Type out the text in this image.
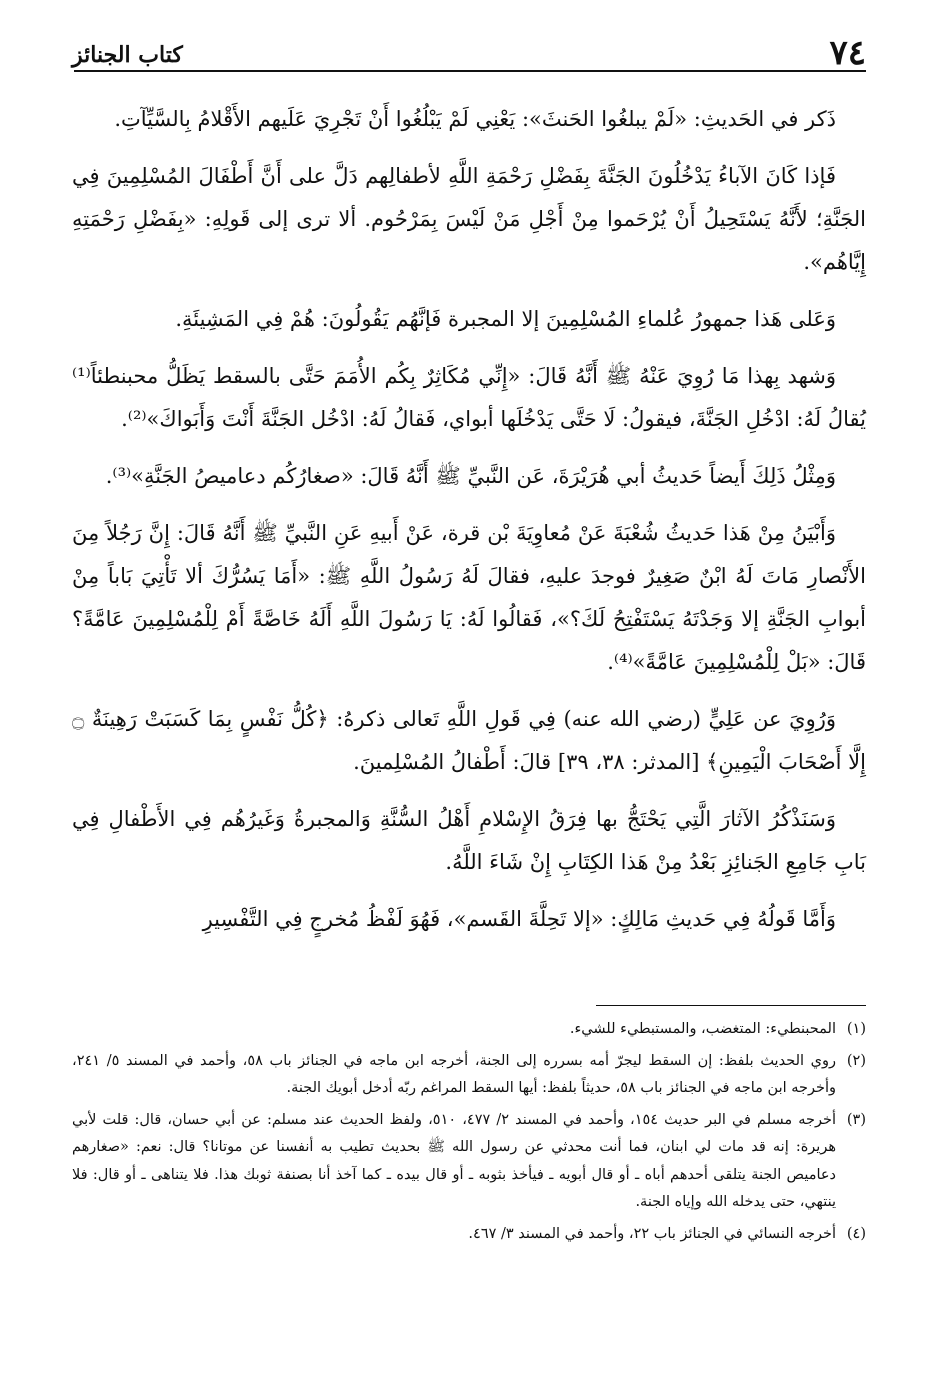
٧٤
كتاب الجنائز

ذَكر في الحَديثِ: «لَمْ يبلغُوا الحَنثَ»: يَعْنِي لَمْ يَبْلُغُوا أَنْ تَجْرِيَ عَلَيهم الأَقْلامُ بِالسَّيِّآتِ.

فَإذا كَانَ الآباءُ يَدْخُلُونَ الجَنَّةَ بِفَضْلِ رَحْمَةِ اللَّهِ لأطفالِهم دَلَّ على أَنَّ أَطْفَالَ المُسْلِمِينَ فِي الجَنَّةِ؛ لأَنَّهُ يَسْتَحِيلُ أَنْ يُرْحَموا مِنْ أَجْلِ مَنْ لَيْسَ بِمَرْحُوم. ألا ترى إلى قَولِهِ: «بِفَضْلِ رَحْمَتِهِ إِيَّاهُم».

وَعَلى هَذا جمهورُ عُلماءِ المُسْلِمِينَ إلا المجبرة فَإنَّهُم يَقُولُونَ: هُمْ فِي المَشِيئَةِ.

وَشهد بِهذا مَا رُوِيَ عَنْهُ ﷺ أَنَّهُ قَالَ: «إِنِّي مُكَاثِرٌ بِكُم الأُمَمَ حَتَّى بالسقط يَظَلُّ محبنطئاً⁽¹⁾ يُقالُ لَهُ: ادْخُلِ الجَنَّةَ، فيقولُ: لَا حَتَّى يَدْخُلَها أبواي، فَقالُ لَهُ: ادْخُل الجَنَّةَ أَنْتَ وَأَبَواكَ»⁽²⁾.

وَمِثْلُ ذَلِكَ أَيضاً حَديثُ أبي هُرَيْرَةَ، عَن النَّبيِّ ﷺ أَنَّهُ قَالَ: «صغارُكُم دعاميصُ الجَنَّةِ»⁽³⁾.

وَأَبْيَنُ مِنْ هَذا حَديثُ شُعْبَةَ عَنْ مُعاوِيَةَ بْن قرة، عَنْ أَبيهِ عَنِ النَّبيِّ ﷺ أَنَّهُ قَالَ: إِنَّ رَجُلاً مِنَ الأَنْصارِ مَاتَ لَهُ ابْنٌ صَغِيرٌ فوجدَ عليهِ، فقالَ لَهُ رَسُولُ اللَّهِ ﷺ: «أَمَا يَسُرُّكَ ألا تَأْتِيَ بَاباً مِنْ أبوابِ الجَنَّةِ إلا وَجَدْتَهُ يَسْتَفْتِحُ لَكَ؟»، فَقالُوا لَهُ: يَا رَسُولَ اللَّهِ أَلَهُ خَاصَّةً أَمْ لِلْمُسْلِمِينَ عَامَّةً؟ قَالَ: «بَلْ لِلْمُسْلِمِينَ عَامَّةً»⁽⁴⁾.

وَرُوِيَ عن عَلِيٍّ (رضي الله عنه) فِي قَولِ اللَّهِ تَعالى ذكرهُ: ﴿كُلُّ نَفْسٍ بِمَا كَسَبَتْ رَهِينَةٌ ۝ إِلَّا أَصْحَابَ الْيَمِينِ﴾ [المدثر: ٣٨، ٣٩] قالَ: أَطْفالُ المُسْلِمينَ.

وَسَنَذْكُرُ الآثارَ الَّتِي يَحْتَجُّ بها فِرَقُ الإِسْلامِ أَهْلُ السُّنَّةِ وَالمجبرةُ وَغَيرُهُم فِي الأَطْفالِ فِي بَابِ جَامِعِ الجَنائِزِ بَعْدُ مِنْ هَذا الكِتَابِ إِنْ شَاءَ اللَّهُ.

وَأَمَّا قَولُهُ فِي حَديثِ مَالِكٍ: «إلا تَحِلَّةَ القَسم»، فَهُوَ لَفْظُ مُخرجٍ فِي التَّفْسِيرِ

(١)
المحبنطيء: المتغضب، والمستبطيء للشيء.
(٢)
روي الحديث بلفظ: إن السقط ليجرّ أمه بسرره إلى الجنة، أخرجه ابن ماجه في الجنائز باب ٥٨، وأحمد في المسند ٥/ ٢٤١، وأخرجه ابن ماجه في الجنائز باب ٥٨، حديثاً بلفظ: أيها السقط المراغم ربّه أدخل أبويك الجنة.
(٣)
أخرجه مسلم في البر حديث ١٥٤، وأحمد في المسند ٢/ ٤٧٧، ٥١٠، ولفظ الحديث عند مسلم: عن أبي حسان، قال: قلت لأبي هريرة: إنه قد مات لي ابنان، فما أنت محدثي عن رسول الله ﷺ بحديث تطيب به أنفسنا عن موتانا؟ قال: نعم: «صغارهم دعاميص الجنة يتلقى أحدهم أباه ـ أو قال أبويه ـ فيأخذ بثوبه ـ أو قال بيده ـ كما آخذ أنا بصنفة ثوبك هذا. فلا يتناهى ـ أو قال: فلا ينتهي، حتى يدخله الله وإياه الجنة.
(٤)
أخرجه النسائي في الجنائز باب ٢٢، وأحمد في المسند ٣/ ٤٦٧.
